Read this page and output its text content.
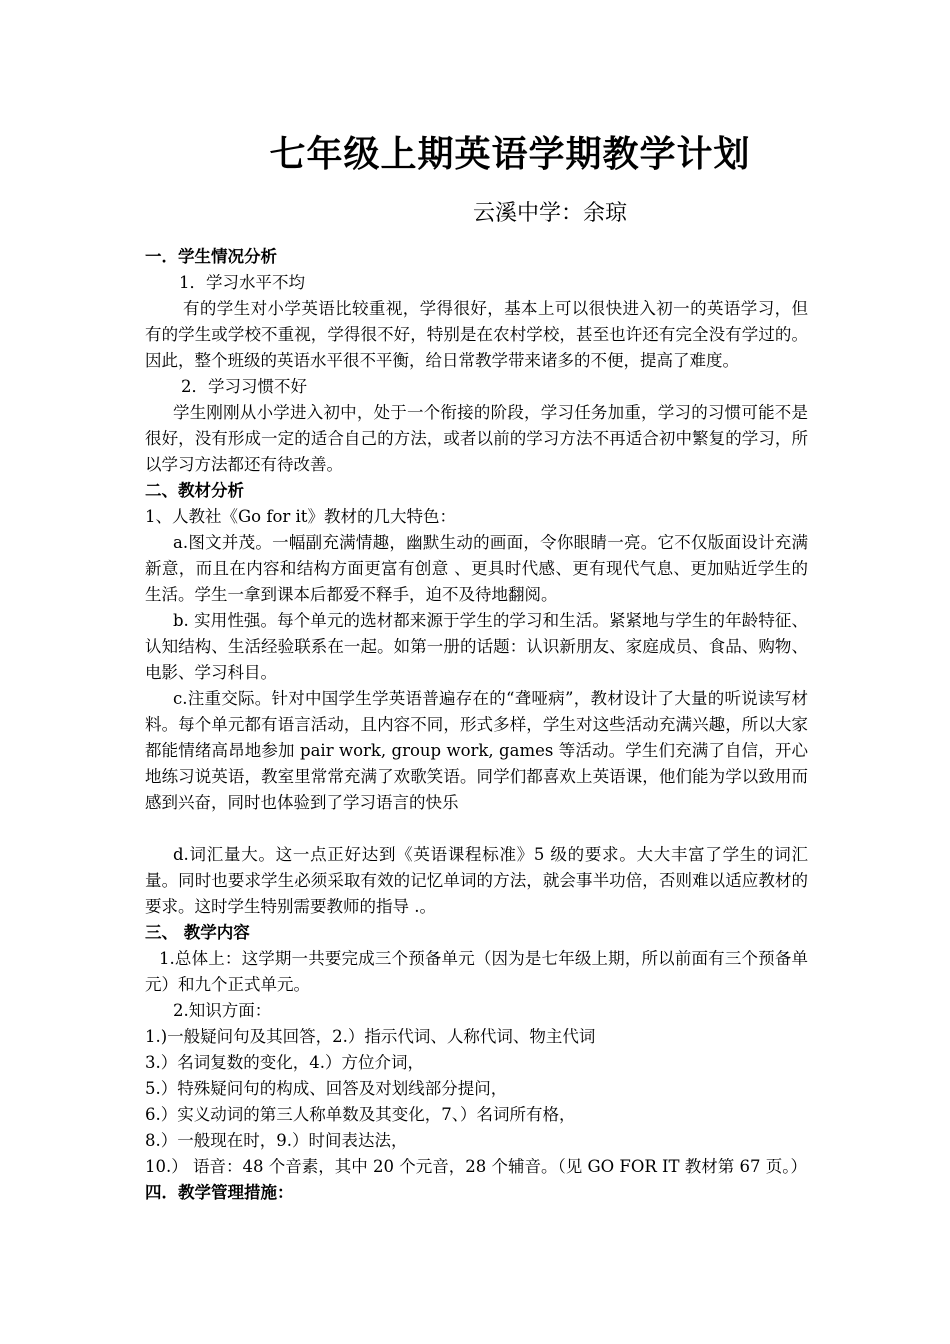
七年级上期英语学期教学计划
云溪中学：余琼

一．学生情况分析

1．学习水平不均

有的学生对小学英语比较重视，学得很好，基本上可以很快进入初一的英语学习，但有的学生或学校不重视，学得很不好，特别是在农村学校，甚至也许还有完全没有学过的。因此，整个班级的英语水平很不平衡，给日常教学带来诸多的不便，提高了难度。

2．学习习惯不好

学生刚刚从小学进入初中，处于一个衔接的阶段，学习任务加重，学习的习惯可能不是很好，没有形成一定的适合自己的方法，或者以前的学习方法不再适合初中繁复的学习，所以学习方法都还有待改善。

二、教材分析

1、人教社《Go for it》教材的几大特色：

a.图文并茂。一幅副充满情趣，幽默生动的画面，令你眼睛一亮。它不仅版面设计充满新意，而且在内容和结构方面更富有创意 、更具时代感、更有现代气息、更加贴近学生的生活。学生一拿到课本后都爱不释手，迫不及待地翻阅。

b. 实用性强。每个单元的选材都来源于学生的学习和生活。紧紧地与学生的年龄特征、认知结构、生活经验联系在一起。如第一册的话题：认识新朋友、家庭成员、食品、购物、电影、学习科目。

c.注重交际。针对中国学生学英语普遍存在的“聋哑病”，教材设计了大量的听说读写材料。每个单元都有语言活动，且内容不同，形式多样，学生对这些活动充满兴趣，所以大家都能情绪高昂地参加 pair work, group work, games 等活动。学生们充满了自信，开心地练习说英语，教室里常常充满了欢歌笑语。同学们都喜欢上英语课，他们能为学以致用而感到兴奋，同时也体验到了学习语言的快乐

d.词汇量大。这一点正好达到《英语课程标准》5 级的要求。大大丰富了学生的词汇量。同时也要求学生必须采取有效的记忆单词的方法，就会事半功倍，否则难以适应教材的要求。这时学生特别需要教师的指导 .。

三、 教学内容

1.总体上：这学期一共要完成三个预备单元（因为是七年级上期，所以前面有三个预备单元）和九个正式单元。

2.知识方面：

1.)一般疑问句及其回答，2.）指示代词、人称代词、物主代词

3.）名词复数的变化，4.）方位介词，

5.）特殊疑问句的构成、回答及对划线部分提问，

6.）实义动词的第三人称单数及其变化，7、）名词所有格，

8.）一般现在时，9.）时间表达法，

10.） 语音：48 个音素，其中 20 个元音，28 个辅音。（见 GO FOR IT 教材第 67 页。）

四．教学管理措施：
